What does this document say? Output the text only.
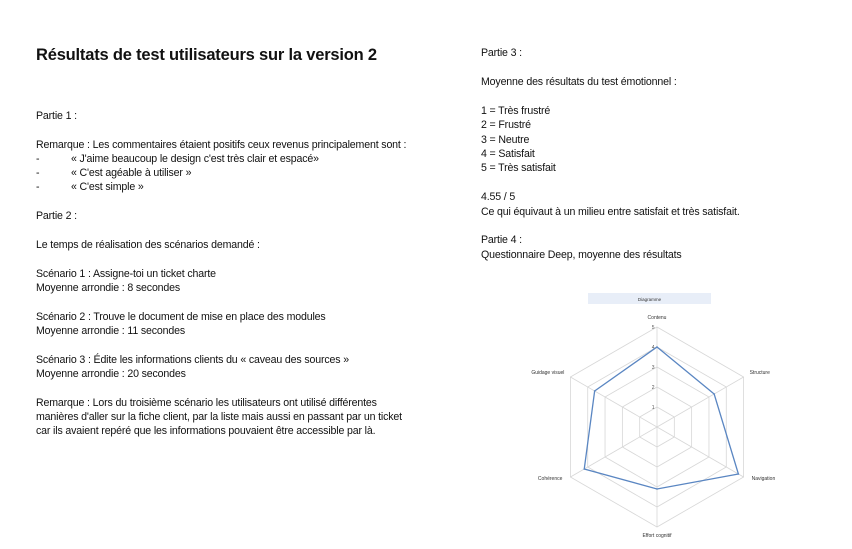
Résultats de test utilisateurs sur la version 2
Partie 1 :
Remarque : Les commentaires étaient positifs ceux revenus principalement sont :
-	« J'aime beaucoup le design c'est très clair et espacé»
-	« C'est agéable à utiliser »
-	« C'est simple »
Partie 2 :
Le temps de réalisation des scénarios demandé :
Scénario 1 : Assigne-toi un ticket charte
Moyenne arrondie : 8 secondes
Scénario 2 : Trouve le document de mise en place des modules
Moyenne arrondie : 11 secondes
Scénario 3 : Édite les informations clients du « caveau des sources »
Moyenne arrondie : 20 secondes
Remarque : Lors du troisième scénario les utilisateurs ont utilisé différentes
manières d'aller sur la fiche client, par la liste mais aussi en passant par un ticket
car ils avaient repéré que les informations pouvaient être accessible par là.
Partie 3 :
Moyenne des résultats du test émotionnel :
1 = Très frustré
2 = Frustré
3 = Neutre
4 = Satisfait
5 = Très satisfait
4.55 / 5
Ce qui équivaut à un milieu entre satisfait et très satisfait.
Partie 4 :
Questionnaire Deep, moyenne des résultats
Diagramme
1
2
3
4
5
Contenu
Structure
Navigation
Effort cognitif
Cohérence
Guidage visuel
